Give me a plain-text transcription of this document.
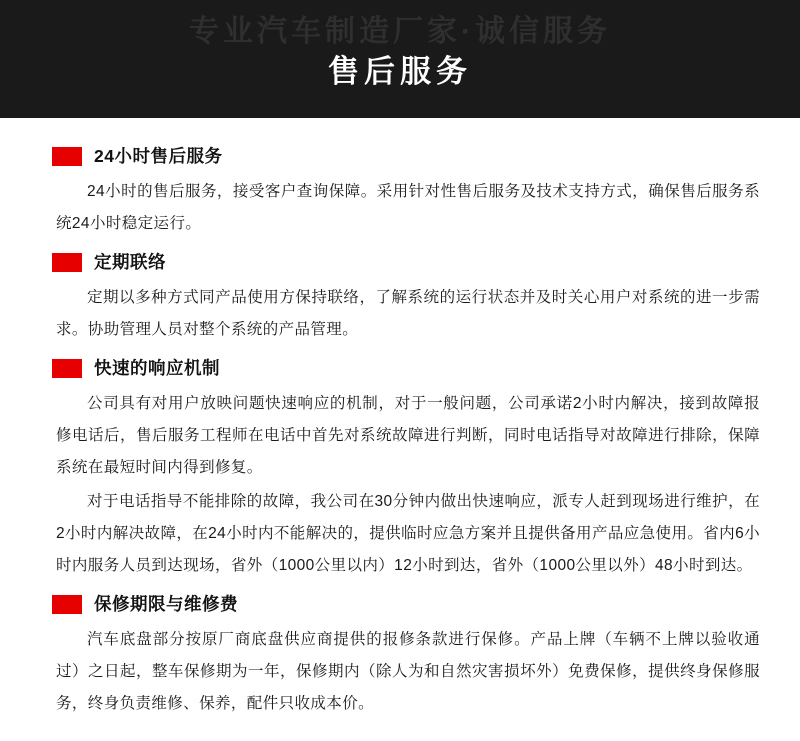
专业汽车制造厂家·诚信服务
售后服务
24小时售后服务

24小时的售后服务，接受客户查询保障。采用针对性售后服务及技术支持方式，确保售后服务系统24小时稳定运行。

定期联络

定期以多种方式同产品使用方保持联络，了解系统的运行状态并及时关心用户对系统的进一步需求。协助管理人员对整个系统的产品管理。

快速的响应机制

公司具有对用户放映问题快速响应的机制，对于一般问题，公司承诺2小时内解决，接到故障报修电话后，售后服务工程师在电话中首先对系统故障进行判断，同时电话指导对故障进行排除，保障系统在最短时间内得到修复。

对于电话指导不能排除的故障，我公司在30分钟内做出快速响应，派专人赶到现场进行维护，在2小时内解决故障，在24小时内不能解决的，提供临时应急方案并且提供备用产品应急使用。省内6小时内服务人员到达现场，省外（1000公里以内）12小时到达，省外（1000公里以外）48小时到达。

保修期限与维修费

汽车底盘部分按原厂商底盘供应商提供的报修条款进行保修。产品上牌（车辆不上牌以验收通过）之日起，整车保修期为一年，保修期内（除人为和自然灾害损坏外）免费保修，提供终身保修服务，终身负责维修、保养，配件只收成本价。
